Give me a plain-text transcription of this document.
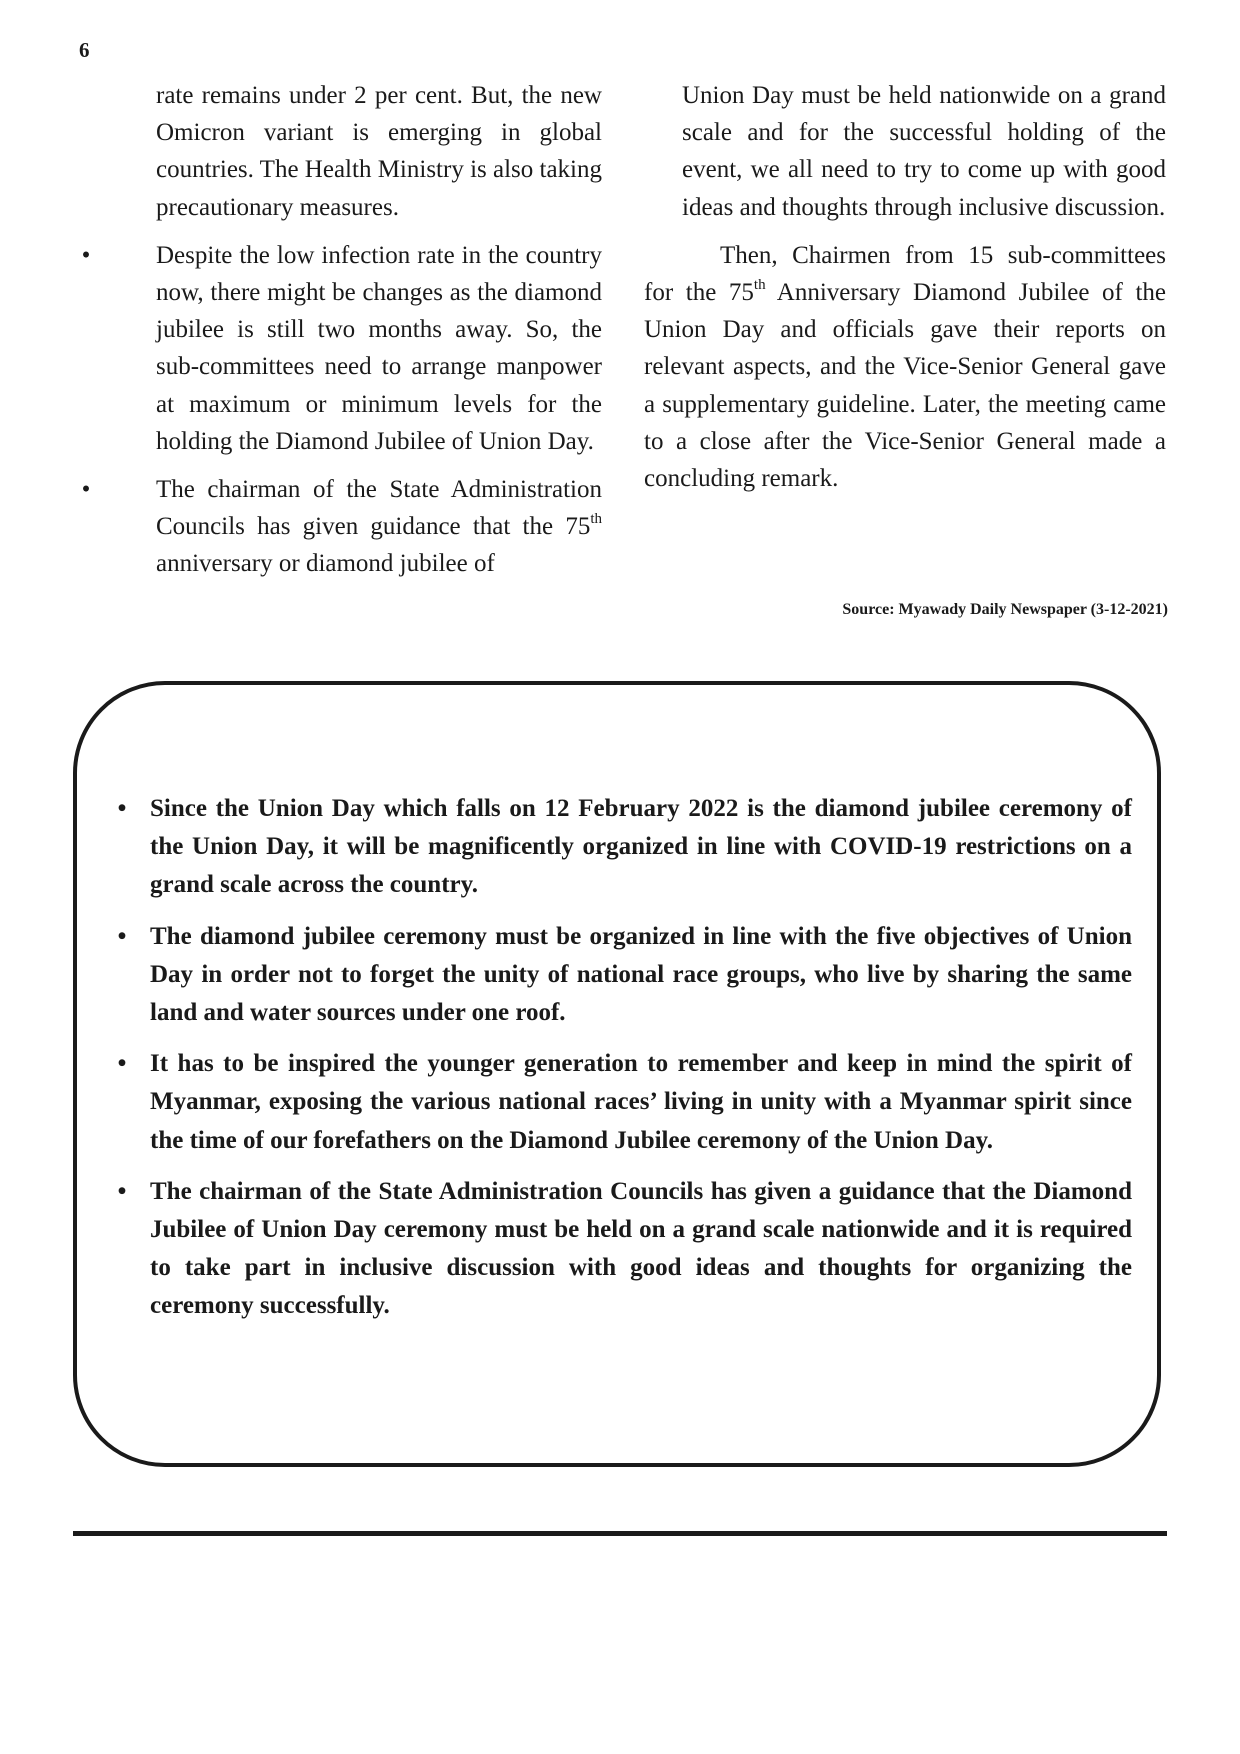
6

rate remains under 2 per cent. But, the new Omicron variant is emerging in global countries. The Health Ministry is also taking precautionary measures.

•	Despite the low infection rate in the country now, there might be changes as the diamond jubilee is still two months away. So, the sub-committees need to arrange manpower at maximum or minimum levels for the holding the Diamond Jubilee of Union Day.
•	The chairman of the State Administration Councils has given guidance that the 75th anniversary or diamond jubilee of

Union Day must be held nationwide on a grand scale and for the successful holding of the event, we all need to try to come up with good ideas and thoughts through inclusive discussion.

Then, Chairmen from 15 sub-committees for the 75th Anniversary Diamond Jubilee of the Union Day and officials gave their reports on relevant aspects, and the Vice-Senior General gave a supplementary guideline. Later, the meeting came to a close after the Vice-Senior General made a concluding remark.

Source: Myawady Daily Newspaper (3-12-2021)
• Since the Union Day which falls on 12 February 2022 is the diamond jubilee ceremony of the Union Day, it will be magnificently organized in line with COVID-19 restrictions on a grand scale across the country.
• The diamond jubilee ceremony must be organized in line with the five objectives of Union Day in order not to forget the unity of national race groups, who live by sharing the same land and water sources under one roof.
• It has to be inspired the younger generation to remember and keep in mind the spirit of Myanmar, exposing the various national races’ living in unity with a Myanmar spirit since the time of our forefathers on the Diamond Jubilee ceremony of the Union Day.
• The chairman of the State Administration Councils has given a guidance that the Diamond Jubilee of Union Day ceremony must be held on a grand scale nationwide and it is required to take part in inclusive discussion with good ideas and thoughts for organizing the ceremony successfully.
